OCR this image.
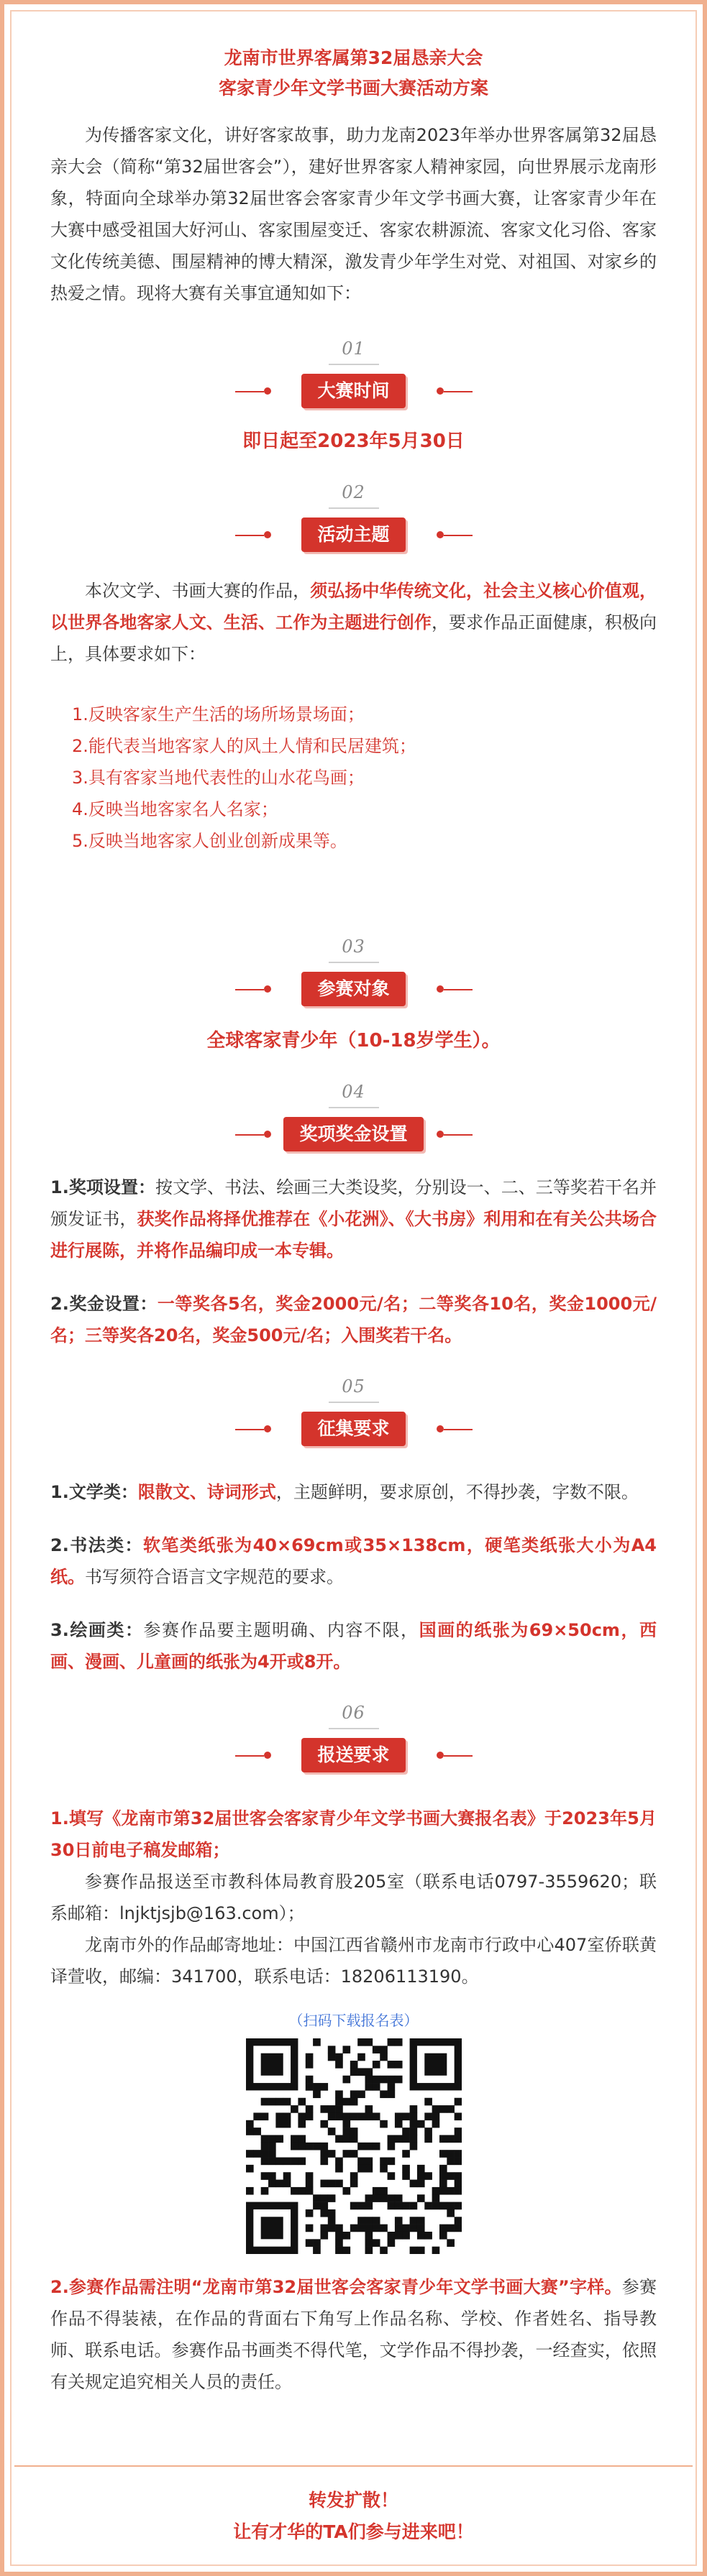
龙南市世界客属第32届恳亲大会
客家青少年文学书画大赛活动方案

为传播客家文化，讲好客家故事，助力龙南2023年举办世界客属第32届恳亲大会（简称“第32届世客会”），建好世界客家人精神家园，向世界展示龙南形象，特面向全球举办第32届世客会客家青少年文学书画大赛，让客家青少年在大赛中感受祖国大好河山、客家围屋变迁、客家农耕源流、客家文化习俗、客家文化传统美德、围屋精神的博大精深，激发青少年学生对党、对祖国、对家乡的热爱之情。现将大赛有关事宜通知如下：

01
大赛时间
即日起至2023年5月30日
02
活动主题

本次文学、书画大赛的作品，须弘扬中华传统文化，社会主义核心价值观，以世界各地客家人文、生活、工作为主题进行创作，要求作品正面健康，积极向上，具体要求如下：

1.反映客家生产生活的场所场景场面；
2.能代表当地客家人的风土人情和民居建筑；
3.具有客家当地代表性的山水花鸟画；
4.反映当地客家名人名家；
5.反映当地客家人创业创新成果等。
03
参赛对象
全球客家青少年（10-18岁学生）。
04
奖项奖金设置

1.奖项设置：按文学、书法、绘画三大类设奖，分别设一、二、三等奖若干名并颁发证书，获奖作品将择优推荐在《小花洲》、《大书房》利用和在有关公共场合进行展陈，并将作品编印成一本专辑。

2.奖金设置：一等奖各5名，奖金2000元/名；二等奖各10名，奖金1000元/名；三等奖各20名，奖金500元/名；入围奖若干名。

05
征集要求

1.文学类：限散文、诗词形式，主题鲜明，要求原创，不得抄袭，字数不限。

2.书法类：软笔类纸张为40×69cm或35×138cm，硬笔类纸张大小为A4纸。书写须符合语言文字规范的要求。

3.绘画类：参赛作品要主题明确、内容不限，国画的纸张为69×50cm，西画、漫画、儿童画的纸张为4开或8开。

06
报送要求

1.填写《龙南市第32届世客会客家青少年文学书画大赛报名表》于2023年5月30日前电子稿发邮箱；

参赛作品报送至市教科体局教育股205室（联系电话0797-3559620；联系邮箱：lnjktjsjb@163.com）；

龙南市外的作品邮寄地址：中国江西省赣州市龙南市行政中心407室侨联黄译萱收，邮编：341700，联系电话：18206113190。

（扫码下载报名表）

2.参赛作品需注明“龙南市第32届世客会客家青少年文学书画大赛”字样。参赛作品不得装裱，在作品的背面右下角写上作品名称、学校、作者姓名、指导教师、联系电话。参赛作品书画类不得代笔，文学作品不得抄袭，一经查实，依照有关规定追究相关人员的责任。

转发扩散！
让有才华的TA们参与进来吧！
